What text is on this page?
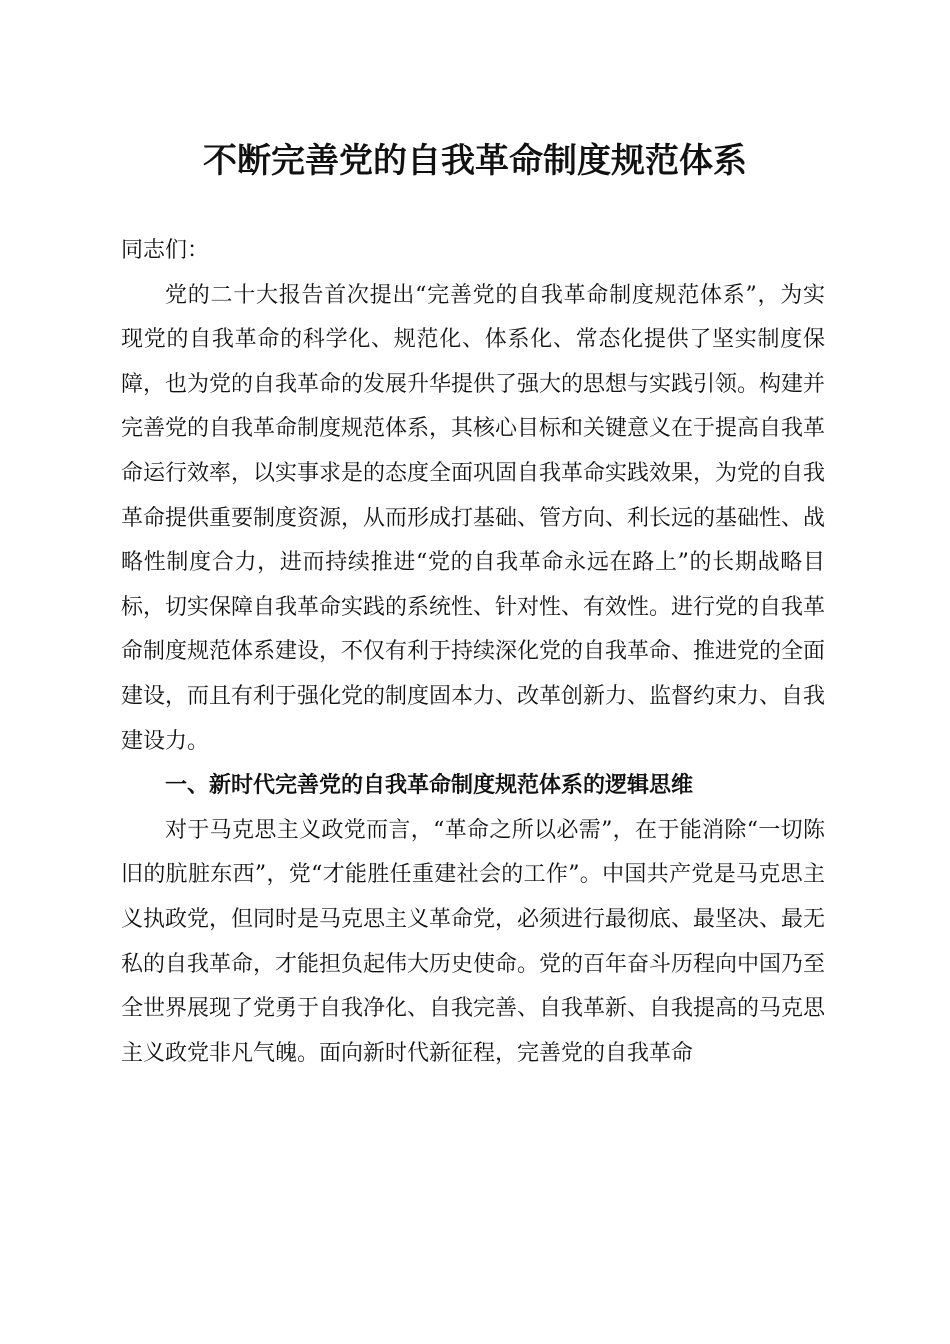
不断完善党的自我革命制度规范体系

同志们：

党的二十大报告首次提出“完善党的自我革命制度规范体系”，为实现党的自我革命的科学化、规范化、体系化、常态化提供了坚实制度保障，也为党的自我革命的发展升华提供了强大的思想与实践引领。构建并完善党的自我革命制度规范体系，其核心目标和关键意义在于提高自我革命运行效率，以实事求是的态度全面巩固自我革命实践效果，为党的自我革命提供重要制度资源，从而形成打基础、管方向、利长远的基础性、战略性制度合力，进而持续推进“党的自我革命永远在路上”的长期战略目标，切实保障自我革命实践的系统性、针对性、有效性。进行党的自我革命制度规范体系建设，不仅有利于持续深化党的自我革命、推进党的全面建设，而且有利于强化党的制度固本力、改革创新力、监督约束力、自我建设力。

一、新时代完善党的自我革命制度规范体系的逻辑思维

对于马克思主义政党而言，“革命之所以必需”，在于能消除“一切陈旧的肮脏东西”，党“才能胜任重建社会的工作”。中国共产党是马克思主义执政党，但同时是马克思主义革命党，必须进行最彻底、最坚决、最无私的自我革命，才能担负起伟大历史使命。党的百年奋斗历程向中国乃至全世界展现了党勇于自我净化、自我完善、自我革新、自我提高的马克思主义政党非凡气魄。面向新时代新征程，完善党的自我革命
